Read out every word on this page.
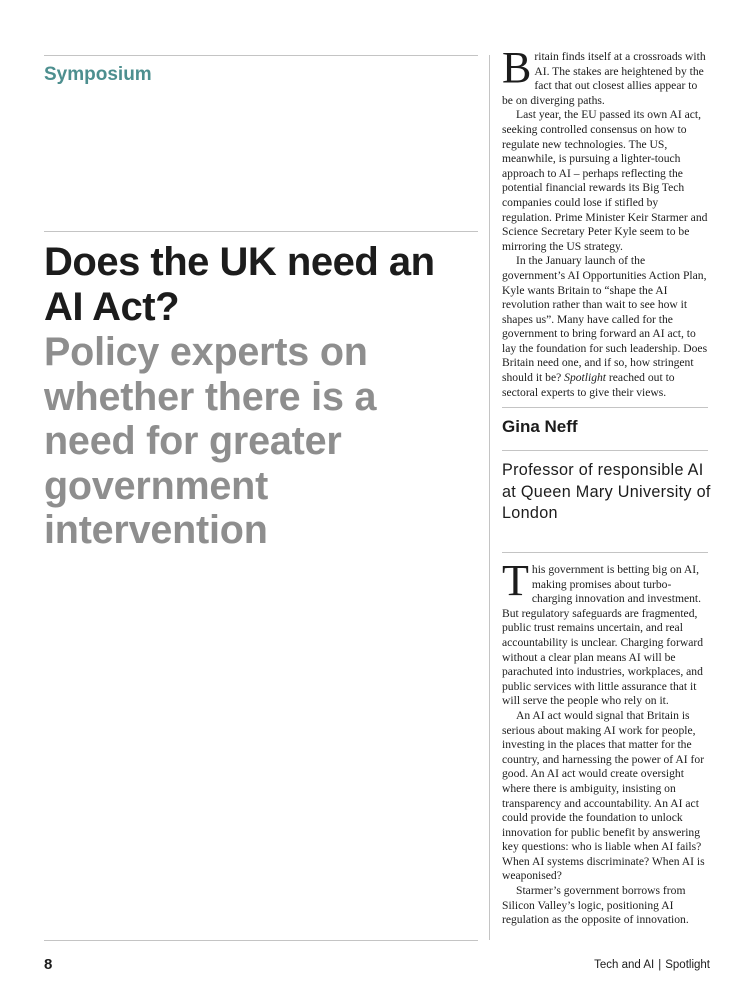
Symposium
Does the UK need an AI Act?
Policy experts on whether there is a need for greater government intervention

Britain finds itself at a crossroads with AI. The stakes are heightened by the fact that out closest allies appear to be on diverging paths.

Last year, the EU passed its own AI act, seeking controlled consensus on how to regulate new technologies. The US, meanwhile, is pursuing a lighter-touch approach to AI – perhaps reflecting the potential financial rewards its Big Tech companies could lose if stifled by regulation. Prime Minister Keir Starmer and Science Secretary Peter Kyle seem to be mirroring the US strategy.

In the January launch of the government’s AI Opportunities Action Plan, Kyle wants Britain to “shape the AI revolution rather than wait to see how it shapes us”. Many have called for the government to bring forward an AI act, to lay the foundation for such leadership. Does Britain need one, and if so, how stringent should it be? Spotlight reached out to sectoral experts to give their views.

Gina Neff
Professor of responsible AI at Queen Mary University of London

This government is betting big on AI, making promises about turbo-charging innovation and investment. But regulatory safeguards are fragmented, public trust remains uncertain, and real accountability is unclear. Charging forward without a clear plan means AI will be parachuted into industries, workplaces, and public services with little assurance that it will serve the people who rely on it.

An AI act would signal that Britain is serious about making AI work for people, investing in the places that matter for the country, and harnessing the power of AI for good. An AI act would create oversight where there is ambiguity, insisting on transparency and accountability. An AI act could provide the foundation to unlock innovation for public benefit by answering key questions: who is liable when AI fails? When AI systems discriminate? When AI is weaponised?

Starmer’s government borrows from Silicon Valley’s logic, positioning AI regulation as the opposite of innovation.

8	Tech and AI | Spotlight
